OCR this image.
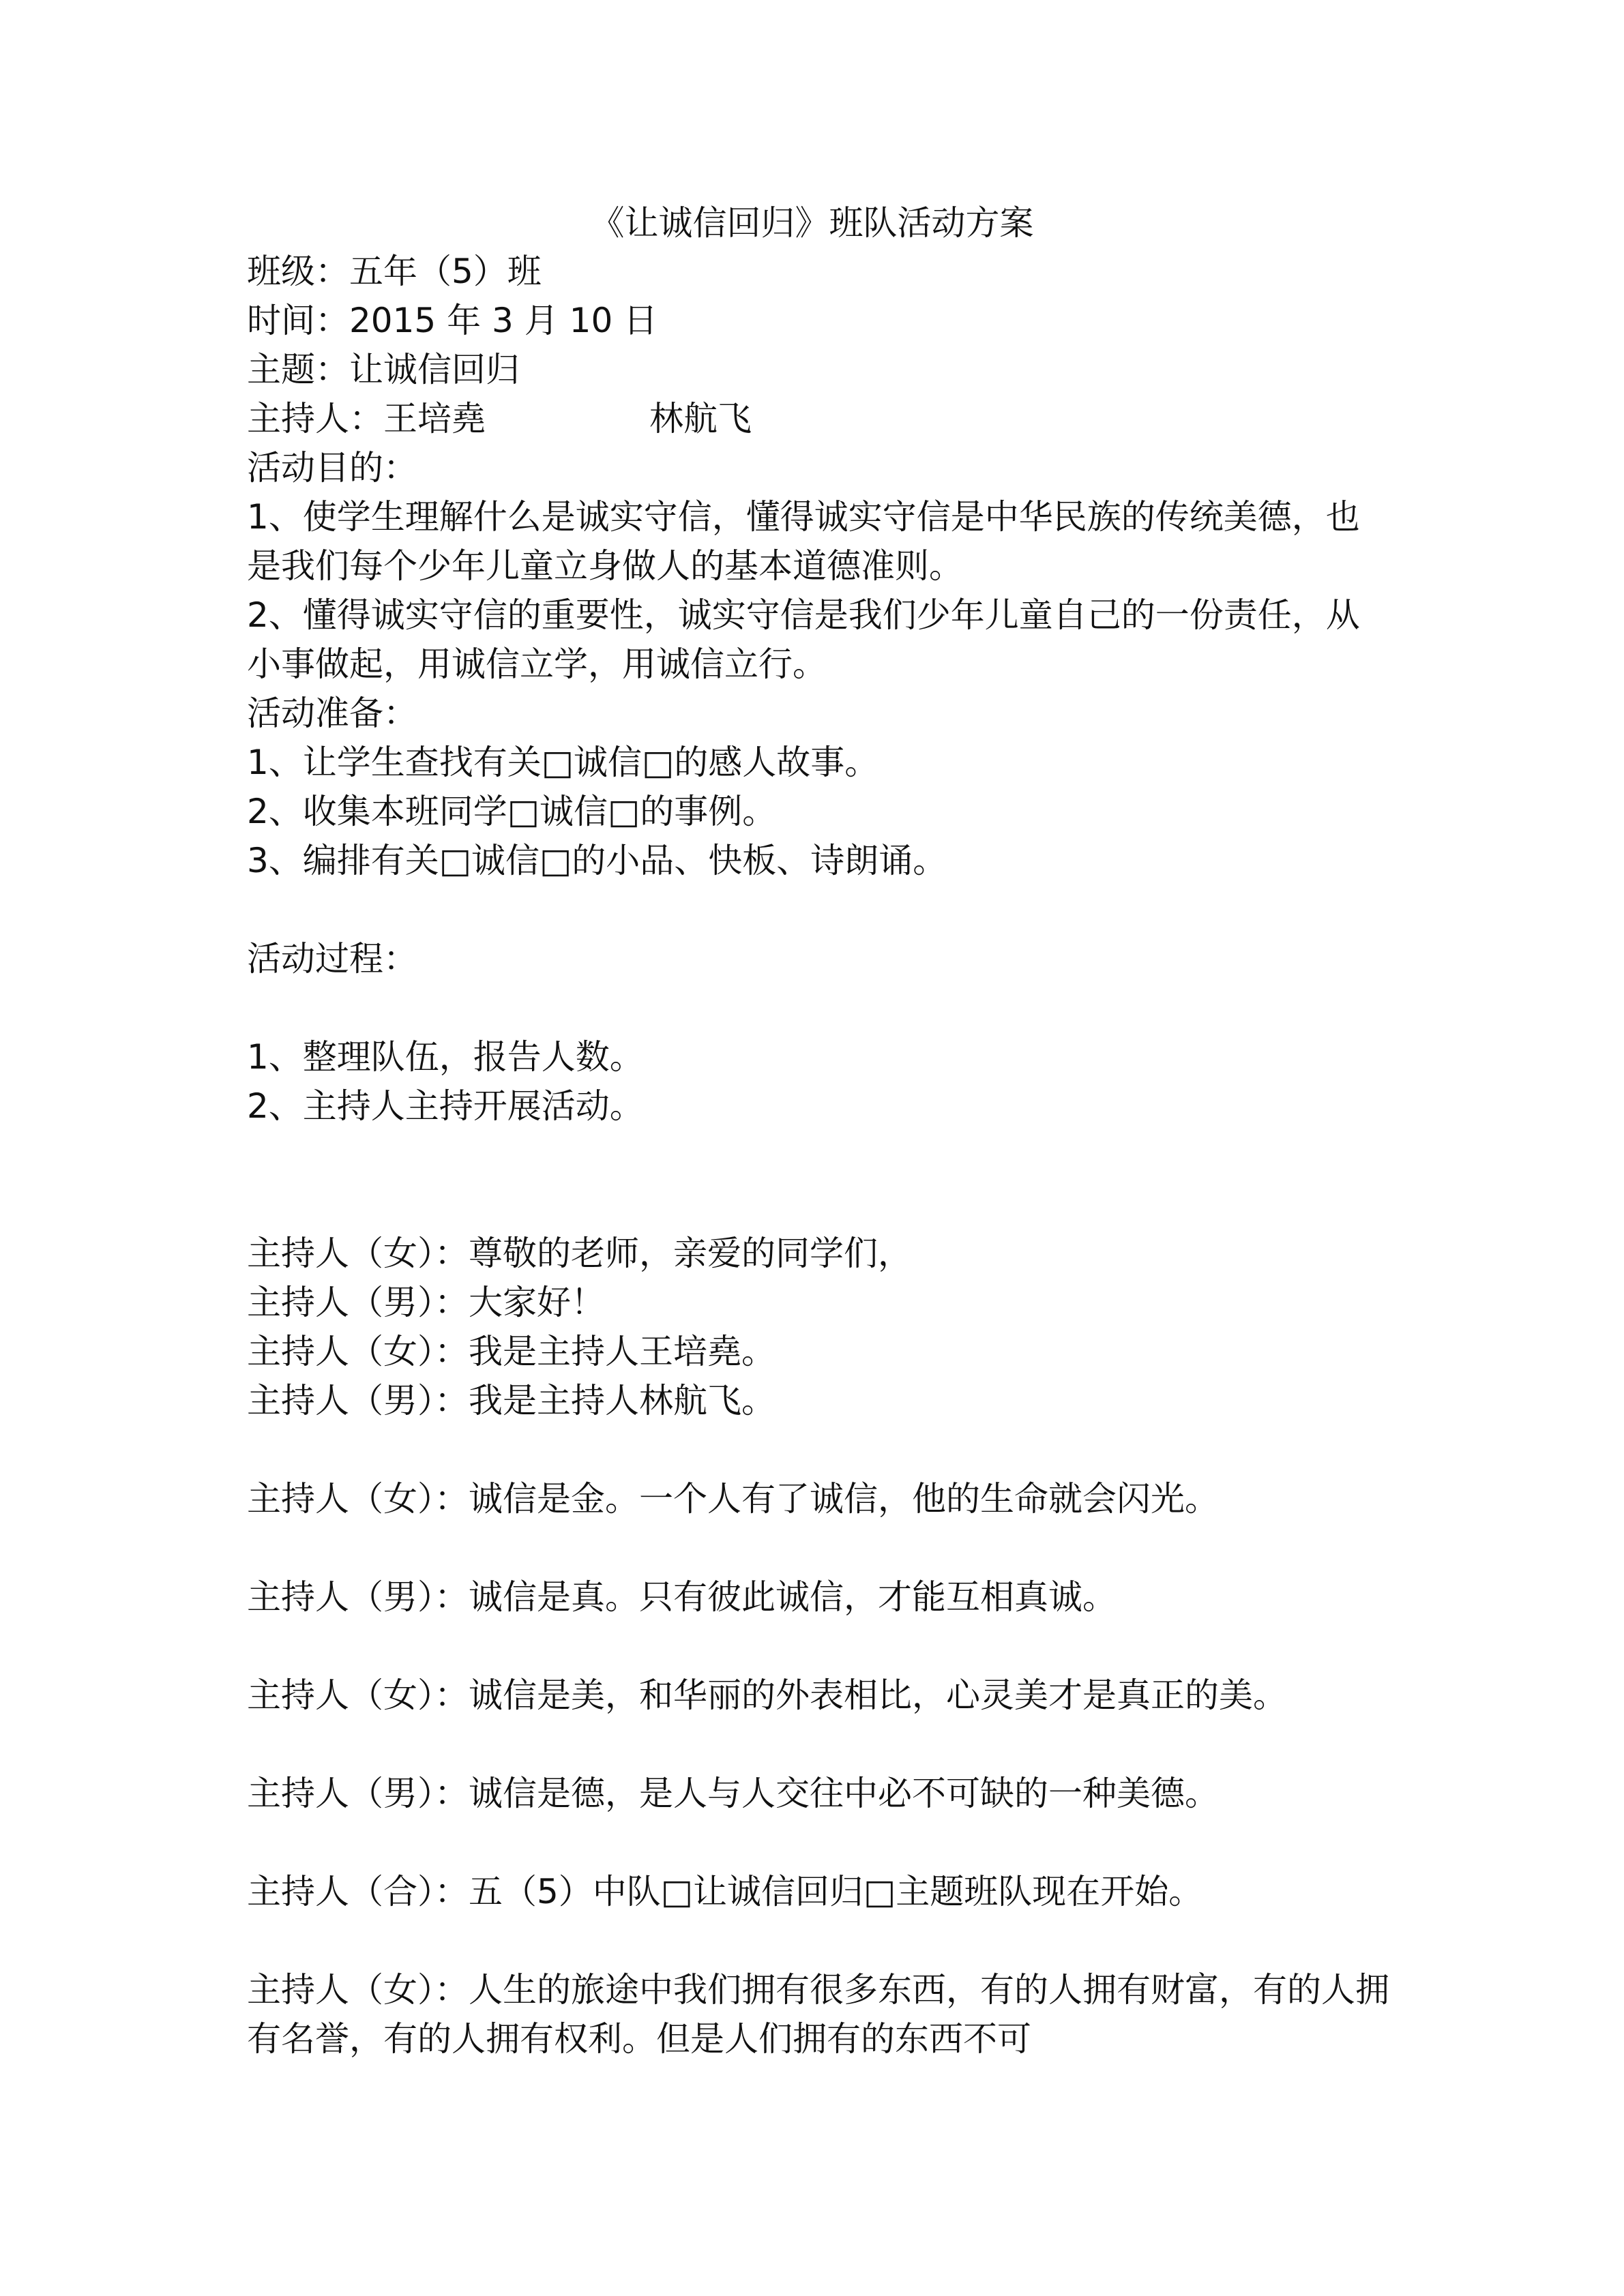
《让诚信回归》班队活动方案
班级：五年（5）班
时间：2015 年 3 月 10 日
主题：让诚信回归
主持人：王培堯	林航飞
活动目的：
1、使学生理解什么是诚实守信，懂得诚实守信是中华民族的传统美德，也是我们每个少年儿童立身做人的基本道德准则。
2、懂得诚实守信的重要性，诚实守信是我们少年儿童自己的一份责任，从小事做起，用诚信立学，用诚信立行。
活动准备：
1、让学生查找有关□诚信□的感人故事。
2、收集本班同学□诚信□的事例。
3、编排有关□诚信□的小品、快板、诗朗诵。
活动过程：
1、整理队伍，报告人数。
2、主持人主持开展活动。
主持人（女）：尊敬的老师，亲爱的同学们，
主持人（男）：大家好！
主持人（女）：我是主持人王培堯。
主持人（男）：我是主持人林航飞。
主持人（女）：诚信是金。一个人有了诚信，他的生命就会闪光。
主持人（男）：诚信是真。只有彼此诚信，才能互相真诚。
主持人（女）：诚信是美，和华丽的外表相比，心灵美才是真正的美。
主持人（男）：诚信是德，是人与人交往中必不可缺的一种美德。
主持人（合）：五（5）中队□让诚信回归□主题班队现在开始。
主持人（女）：人生的旅途中我们拥有很多东西，有的人拥有财富，有的人拥有名誉，有的人拥有权利。但是人们拥有的东西不可
